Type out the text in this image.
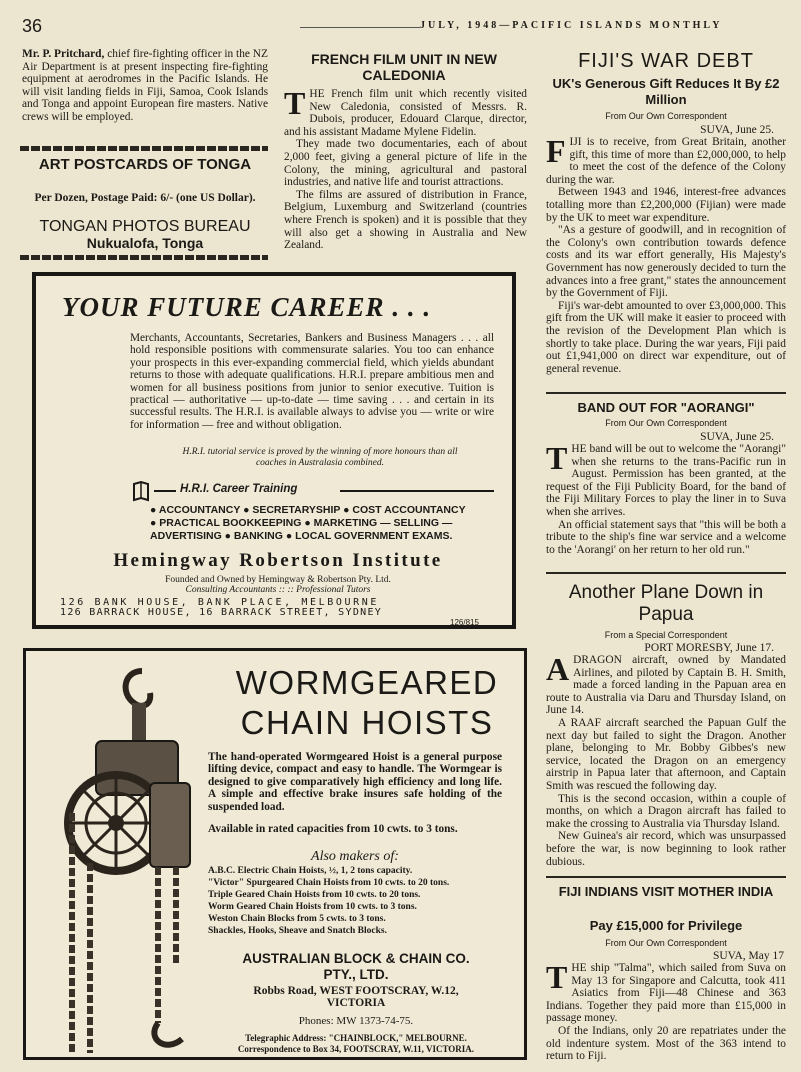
36	JULY, 1948—PACIFIC ISLANDS MONTHLY
Mr. P. Pritchard, chief fire-fighting officer in the NZ Air Department is at present inspecting fire-fighting equipment at aerodromes in the Pacific Islands. He will visit landing fields in Fiji, Samoa, Cook Islands and Tonga and appoint European fire masters. Native crews will be employed.
ART POSTCARDS OF TONGA
Per Dozen, Postage Paid: 6/- (one US Dollar).
TONGAN PHOTOS BUREAU
Nukualofa, Tonga
FRENCH FILM UNIT IN NEW CALEDONIA
T HE French film unit which recently visited New Caledonia, consisted of Messrs. R. Dubois, producer, Edouard Clarque, director, and his assistant Madame Mylene Fidelin.

They made two documentaries, each of about 2,000 feet, giving a general picture of life in the Colony, the mining, agricultural and pastoral industries, and native life and tourist attractions.

The films are assured of distribution in France, Belgium, Luxemburg and Switzerland (countries where French is spoken) and it is possible that they will also get a showing in Australia and New Zealand.

YOUR FUTURE CAREER . . .
Merchants, Accountants, Secretaries, Bankers and Business Managers . . . all hold responsible positions with commensurate salaries. You too can enhance your prospects in this ever-expanding commercial field, which yields abundant returns to those with adequate qualifications. H.R.I. prepare ambitious men and women for all business positions from junior to senior executive. Tuition is practical — authoritative — up-to-date — time saving . . . and certain in its successful results. The H.R.I. is available always to advise you — write or wire for information — free and without obligation.
H.R.I. tutorial service is proved by the winning of more honours than all coaches in Australasia combined.
H.R.I. Career Training
● ACCOUNTANCY ● SECRETARYSHIP ● COST ACCOUNTANCY
● PRACTICAL BOOKKEEPING ● MARKETING — SELLING —
ADVERTISING ● BANKING ● LOCAL GOVERNMENT EXAMS.
Hemingway Robertson Institute
Founded and Owned by Hemingway & Robertson Pty. Ltd.
Consulting Accountants :: :: Professional Tutors
126 BANK HOUSE, BANK PLACE, MELBOURNE
126 BARRACK HOUSE, 16 BARRACK STREET, SYDNEY
126/815
WORMGEARED
CHAIN HOISTS
The hand-operated Wormgeared Hoist is a general purpose lifting device, compact and easy to handle. The Wormgear is designed to give comparatively high efficiency and long life. A simple and effective brake insures safe holding of the suspended load.
Available in rated capacities from 10 cwts. to 3 tons.
Also makers of:

A.B.C. Electric Chain Hoists, ½, 1, 2 tons capacity.

"Victor" Spurgeared Chain Hoists from 10 cwts. to 20 tons.

Triple Geared Chain Hoists from 10 cwts. to 20 tons.

Worm Geared Chain Hoists from 10 cwts. to 3 tons.

Weston Chain Blocks from 5 cwts. to 3 tons.

Shackles, Hooks, Sheave and Snatch Blocks.

AUSTRALIAN BLOCK & CHAIN CO.
PTY., LTD.
Robbs Road, WEST FOOTSCRAY, W.12,
VICTORIA
Phones: MW 1373-74-75.
Telegraphic Address: "CHAINBLOCK," MELBOURNE.
Correspondence to Box 34, FOOTSCRAY, W.11, VICTORIA.
FIJI'S WAR DEBT
UK's Generous Gift Reduces It By £2 Million
From Our Own Correspondent
SUVA, June 25.
F IJI is to receive, from Great Britain, another gift, this time of more than £2,000,000, to help to meet the cost of the defence of the Colony during the war.

Between 1943 and 1946, interest-free advances totalling more than £2,200,000 (Fijian) were made by the UK to meet war expenditure.

"As a gesture of goodwill, and in recognition of the Colony's own contribution towards defence costs and its war effort generally, His Majesty's Government has now generously decided to turn the advances into a free grant," states the announcement by the Government of Fiji.

Fiji's war-debt amounted to over £3,000,000. This gift from the UK will make it easier to proceed with the revision of the Development Plan which is shortly to take place. During the war years, Fiji paid out £1,941,000 on direct war expenditure, out of general revenue.

BAND OUT FOR "AORANGI"
From Our Own Correspondent
SUVA, June 25.
T HE band will be out to welcome the "Aorangi" when she returns to the trans-Pacific run in August. Permission has been granted, at the request of the Fiji Publicity Board, for the band of the Fiji Military Forces to play the liner in to Suva when she arrives.

An official statement says that "this will be both a tribute to the ship's fine war service and a welcome to the 'Aorangi' on her return to her old run."

Another Plane Down in Papua
From a Special Correspondent
PORT MORESBY, June 17.
A DRAGON aircraft, owned by Mandated Airlines, and piloted by Captain B. H. Smith, made a forced landing in the Papuan area en route to Australia via Daru and Thursday Island, on June 14.

A RAAF aircraft searched the Papuan Gulf the next day but failed to sight the Dragon. Another plane, belonging to Mr. Bobby Gibbes's new service, located the Dragon on an emergency airstrip in Papua later that afternoon, and Captain Smith was rescued the following day.

This is the second occasion, within a couple of months, on which a Dragon aircraft has failed to make the crossing to Australia via Thursday Island.

New Guinea's air record, which was unsurpassed before the war, is now beginning to look rather dubious.

FIJI INDIANS VISIT MOTHER INDIA
Pay £15,000 for Privilege
From Our Own Correspondent
SUVA, May 17
T HE ship "Talma", which sailed from Suva on May 13 for Singapore and Calcutta, took 411 Asiatics from Fiji—48 Chinese and 363 Indians. Together they paid more than £15,000 in passage money.

Of the Indians, only 20 are repatriates under the old indenture system. Most of the 363 intend to return to Fiji.
